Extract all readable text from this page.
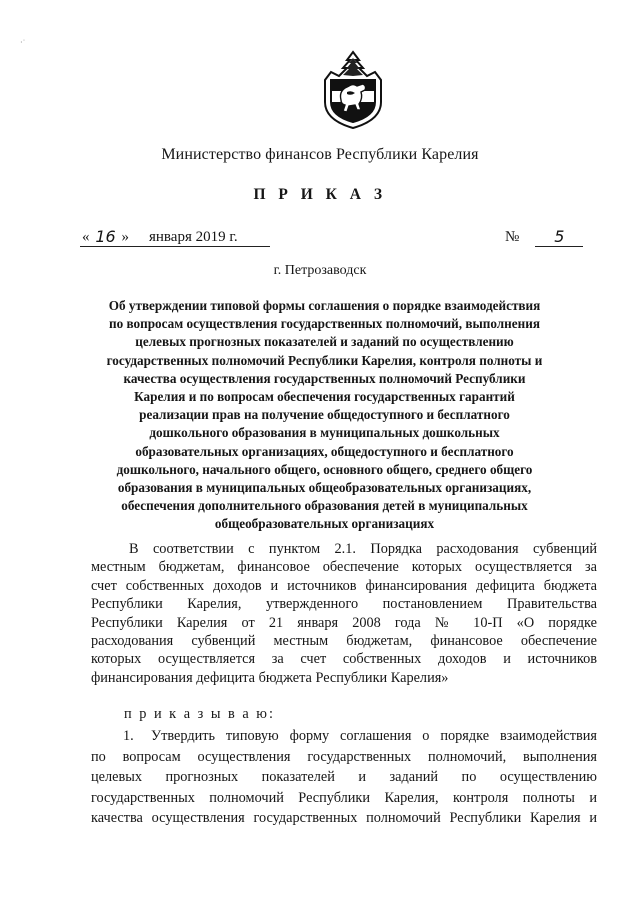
·˙
Министерство финансов Республики Карелия
П Р И К А З
« 16 » января 2019 г.	№	5
г. Петрозаводск
Об утверждении типовой формы соглашения о порядке взаимодействия
по вопросам осуществления государственных полномочий, выполнения
целевых прогнозных показателей и заданий по осуществлению
государственных полномочий Республики Карелия, контроля полноты и
качества осуществления государственных полномочий Республики
Карелия и по вопросам обеспечения государственных гарантий
реализации прав на получение общедоступного и бесплатного
дошкольного образования в муниципальных дошкольных
образовательных организациях, общедоступного и бесплатного
дошкольного, начального общего, основного общего, среднего общего
образования в муниципальных общеобразовательных организациях,
обеспечения дополнительного образования детей в муниципальных
общеобразовательных организациях
В соответствии с пунктом 2.1. Порядка расходования субвенций
местным бюджетам, финансовое обеспечение которых осуществляется за
счет собственных доходов и источников финансирования дефицита бюджета
Республики Карелия, утвержденного постановлением Правительства
Республики Карелия от 21 января 2008 года № 10-П «О порядке
расходования субвенций местным бюджетам, финансовое обеспечение
которых осуществляется за счет собственных доходов и источников
финансирования дефицита бюджета Республики Карелия»
п р и к а з ы в а ю:
1. Утвердить типовую форму соглашения о порядке взаимодействия
по вопросам осуществления государственных полномочий, выполнения
целевых прогнозных показателей и заданий по осуществлению
государственных полномочий Республики Карелия, контроля полноты и
качества осуществления государственных полномочий Республики Карелия и
